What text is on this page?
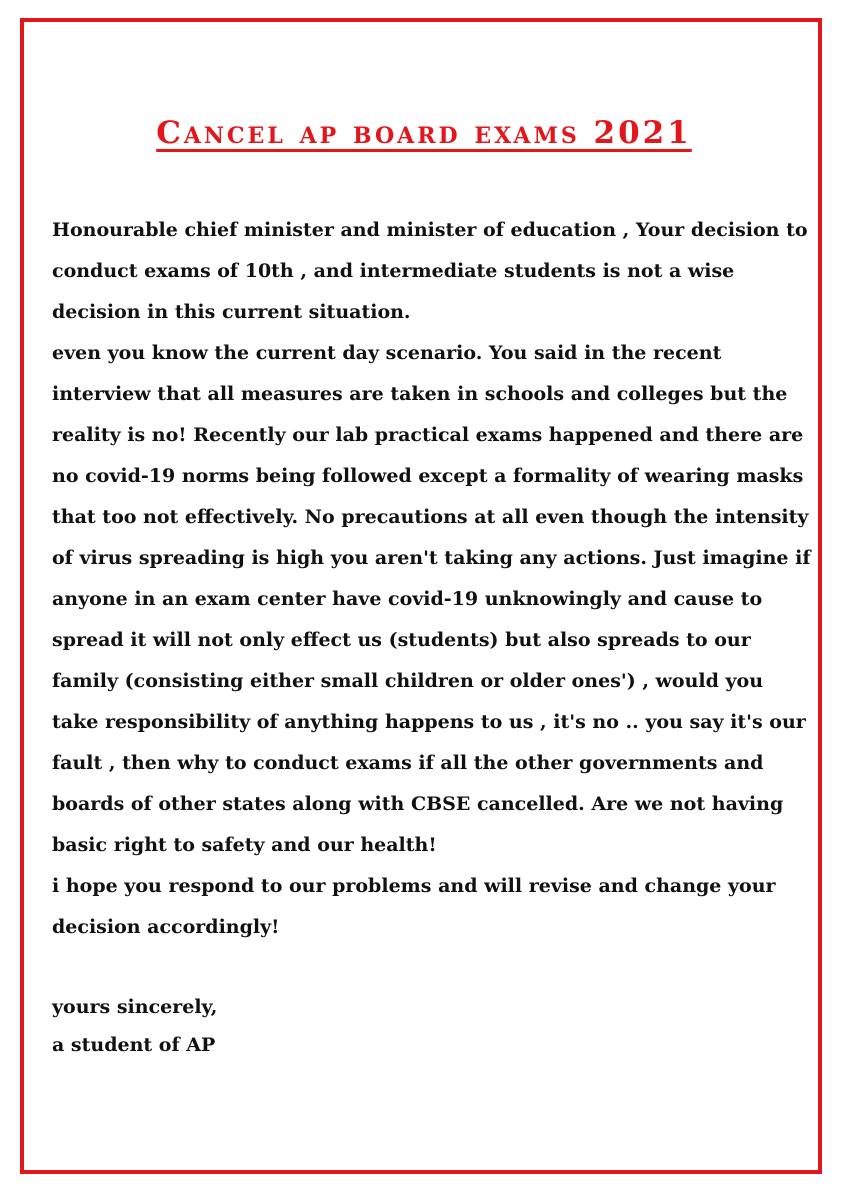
Cancel ap board exams 2021

Honourable chief minister and minister of education , Your decision to conduct exams of 10th , and intermediate students is not a wise decision in this current situation.

even you know the current day scenario. You said in the recent interview that all measures are taken in schools and colleges but the reality is no! Recently our lab practical exams happened and there are no covid-19 norms being followed except a formality of wearing masks that too not effectively. No precautions at all even though the intensity of virus spreading is high you aren't taking any actions. Just imagine if anyone in an exam center have covid-19 unknowingly and cause to spread it will not only effect us (students) but also spreads to our family (consisting either small children or older ones') , would you take responsibility of anything happens to us , it's no .. you say it's our fault , then why to conduct exams if all the other governments and boards of other states along with CBSE cancelled. Are we not having basic right to safety and our health!

i hope you respond to our problems and will revise and change your decision accordingly!

yours sincerely,
a student of AP
